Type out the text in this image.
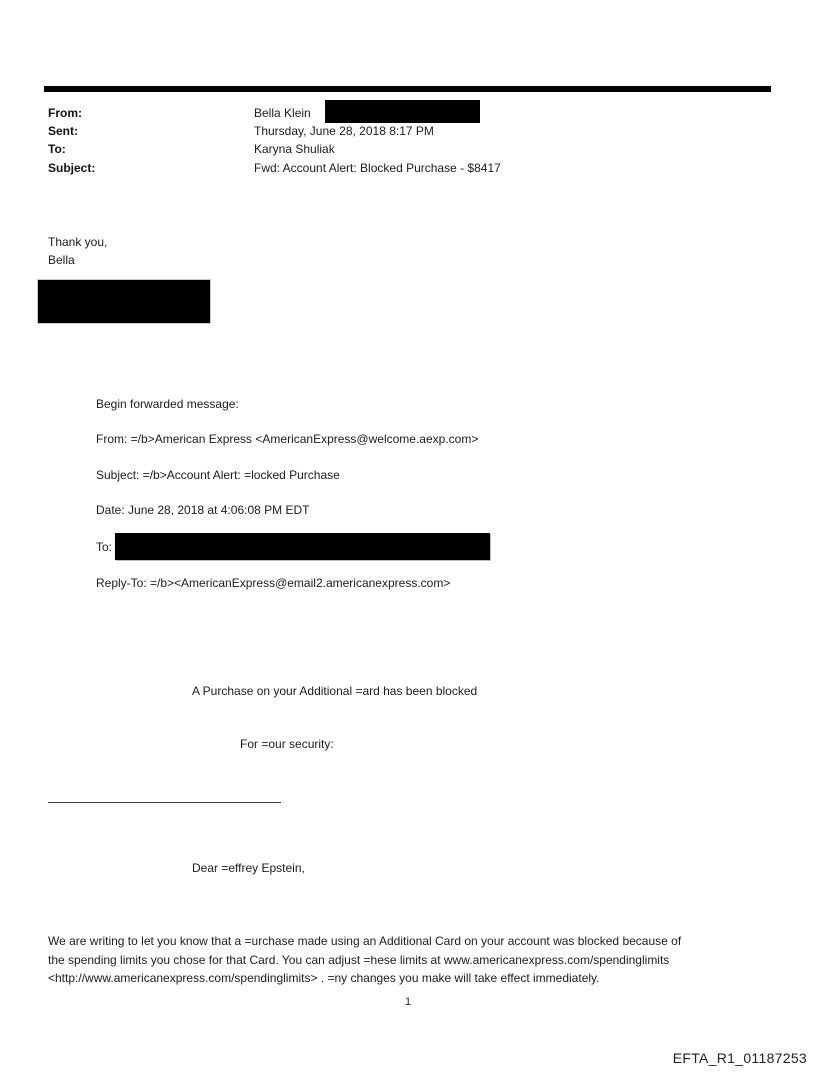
From:	Bella Klein
Sent:	Thursday, June 28, 2018 8:17 PM
To:	Karyna Shuliak
Subject:	Fwd: Account Alert: Blocked Purchase - $8417
Thank you,
Bella
Begin forwarded message:
From: =/b>American Express <AmericanExpress@welcome.aexp.com>
Subject: =/b>Account Alert: =locked Purchase
Date: June 28, 2018 at 4:06:08 PM EDT
To:
Reply-To: =/b><AmericanExpress@email2.americanexpress.com>
A Purchase on your Additional =ard has been blocked
For =our security:
Dear =effrey Epstein,
We are writing to let you know that a =urchase made using an Additional Card on your account was blocked because of
the spending limits you chose for that Card. You can adjust =hese limits at www.americanexpress.com/spendinglimits
<http://www.americanexpress.com/spendinglimits> . =ny changes you make will take effect immediately.
1
EFTA_R1_01187253
